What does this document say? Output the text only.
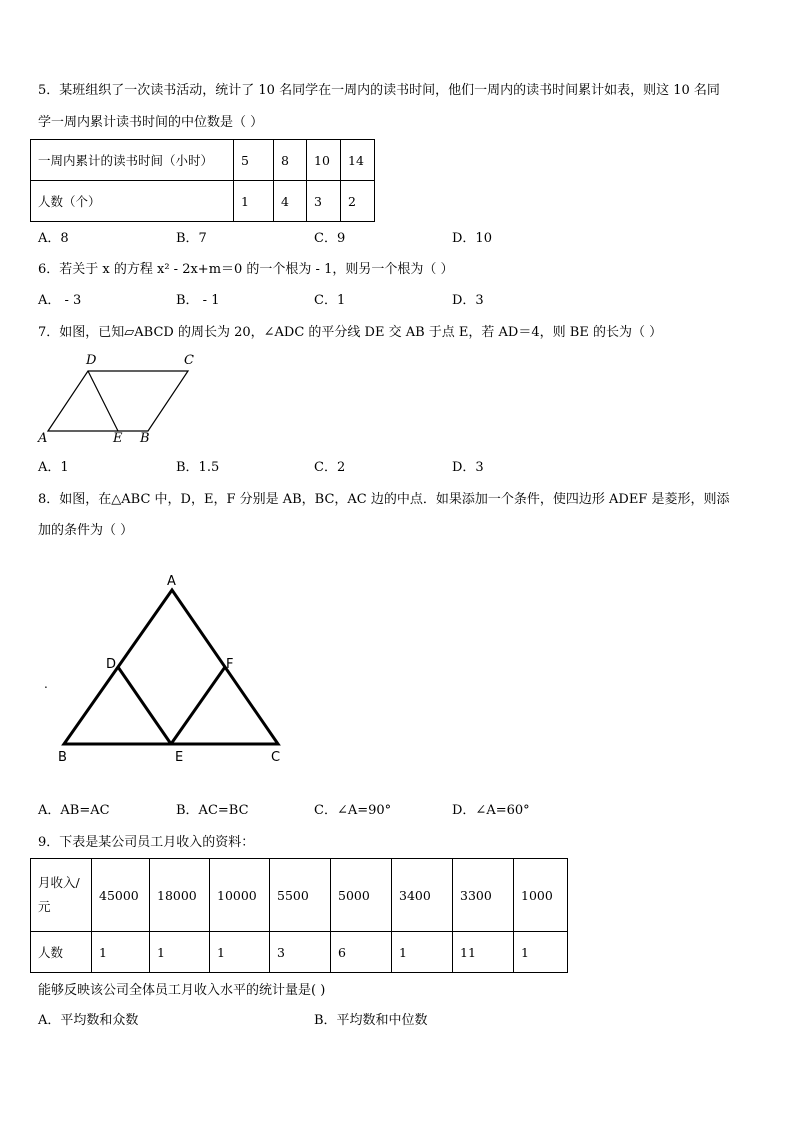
5．某班组织了一次读书活动，统计了 10 名同学在一周内的读书时间，他们一周内的读书时间累计如表，则这 10 名同
学一周内累计读书时间的中位数是（ ）
一周内累计的读书时间（小时）	5	8	10	14
人数（个）	1	4	3	2
A．8	B．7	C．9	D．10
6．若关于 x 的方程 x² - 2x+m＝0 的一个根为 - 1，则另一个根为（ ）
A． - 3	B． - 1	C．1	D．3
7．如图，已知▱ABCD 的周长为 20，∠ADC 的平分线 DE 交 AB 于点 E，若 AD＝4，则 BE 的长为（ ）
D	C
A	E B
A．1	B．1.5	C．2	D．3
8．如图，在△ABC 中，D，E，F 分别是 AB，BC，AC 边的中点．如果添加一个条件，使四边形 ADEF 是菱形，则添
加的条件为（ ）
.
A
D	F
B	E	C
A．AB=AC	B．AC=BC	C．∠A=90°	D．∠A=60°
9．下表是某公司员工月收入的资料：
月收入/
元	45000	18000	10000	5500	5000	3400	3300	1000
人数	1	1	1	3	6	1	11	1
能够反映该公司全体员工月收入水平的统计量是( )
A．平均数和众数	B．平均数和中位数
